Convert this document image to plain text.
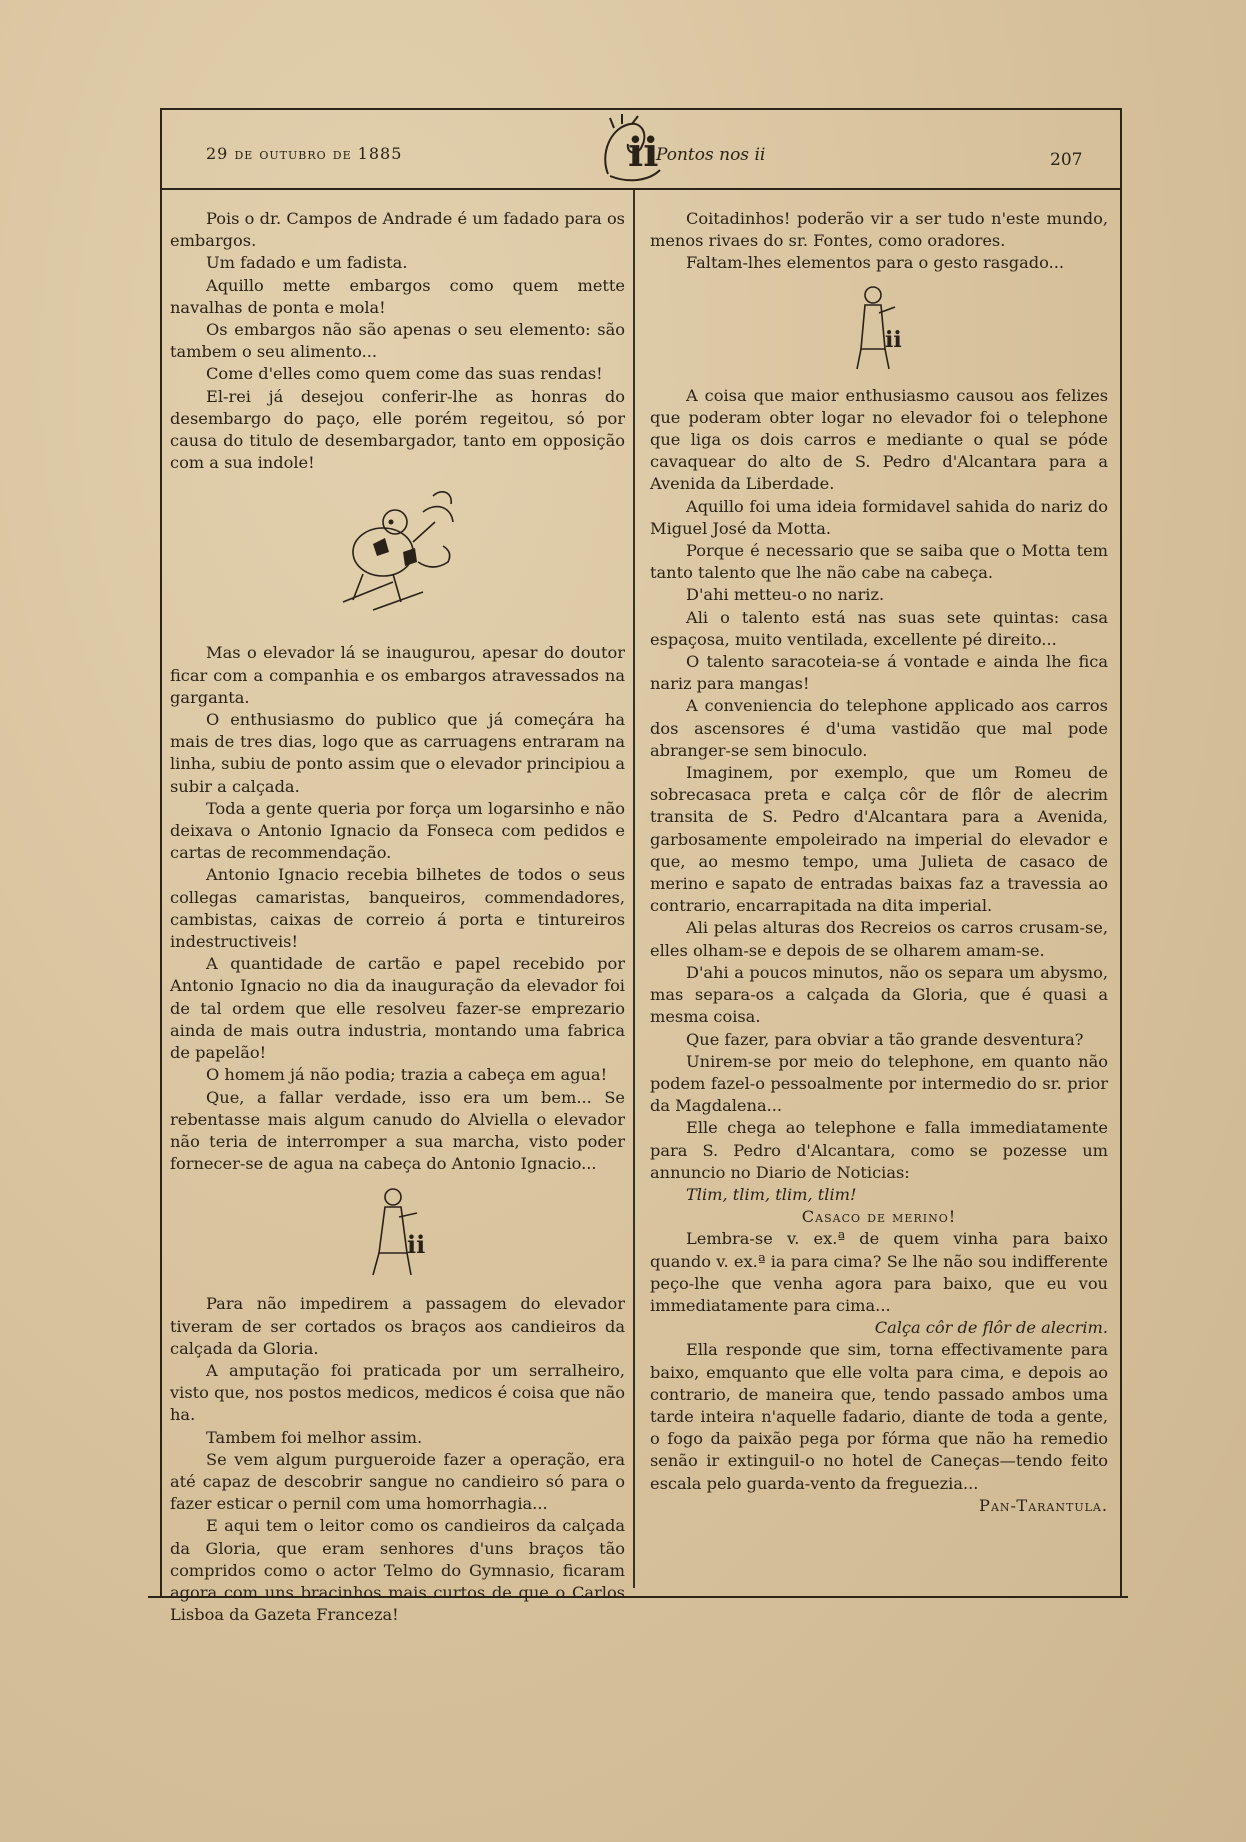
29 de outubro de 1885	ii
Pontos nos ii	207

Pois o dr. Campos de Andrade é um fadado para os embargos.

Um fadado e um fadista.

Aquillo mette embargos como quem mette navalhas de ponta e mola!

Os embargos não são apenas o seu elemento: são tambem o seu alimento...

Come d'elles como quem come das suas rendas!

El-rei já desejou conferir-lhe as honras do desembargo do paço, elle porém regeitou, só por causa do titulo de desembargador, tanto em opposição com a sua indole!

Mas o elevador lá se inaugurou, apesar do doutor ficar com a companhia e os embargos atravessados na garganta.

O enthusiasmo do publico que já começára ha mais de tres dias, logo que as carruagens entraram na linha, subiu de ponto assim que o elevador principiou a subir a calçada.

Toda a gente queria por força um logarsinho e não deixava o Antonio Ignacio da Fonseca com pedidos e cartas de recommendação.

Antonio Ignacio recebia bilhetes de todos o seus collegas camaristas, banqueiros, commendadores, cambistas, caixas de correio á porta e tintureiros indestructiveis!

A quantidade de cartão e papel recebido por Antonio Ignacio no dia da inauguração da elevador foi de tal ordem que elle resolveu fazer-se emprezario ainda de mais outra industria, montando uma fabrica de papelão!

O homem já não podia; trazia a cabeça em agua!

Que, a fallar verdade, isso era um bem... Se rebentasse mais algum canudo do Alviella o elevador não teria de interromper a sua marcha, visto poder fornecer-se de agua na cabeça do Antonio Ignacio...

ii

Para não impedirem a passagem do elevador tiveram de ser cortados os braços aos candieiros da calçada da Gloria.

A amputação foi praticada por um serralheiro, visto que, nos postos medicos, medicos é coisa que não ha.

Tambem foi melhor assim.

Se vem algum purgueroide fazer a operação, era até capaz de descobrir sangue no candieiro só para o fazer esticar o pernil com uma homorrhagia...

E aqui tem o leitor como os candieiros da calçada da Gloria, que eram senhores d'uns braços tão compridos como o actor Telmo do Gymnasio, ficaram agora com uns bracinhos mais curtos de que o Carlos Lisboa da Gazeta Franceza!

Coitadinhos! poderão vir a ser tudo n'este mundo, menos rivaes do sr. Fontes, como oradores.

Faltam-lhes elementos para o gesto rasgado...

ii

A coisa que maior enthusiasmo causou aos felizes que poderam obter logar no elevador foi o telephone que liga os dois carros e mediante o qual se póde cavaquear do alto de S. Pedro d'Alcantara para a Avenida da Liberdade.

Aquillo foi uma ideia formidavel sahida do nariz do Miguel José da Motta.

Porque é necessario que se saiba que o Motta tem tanto talento que lhe não cabe na cabeça.

D'ahi metteu-o no nariz.

Ali o talento está nas suas sete quintas: casa espaçosa, muito ventilada, excellente pé direito...

O talento saracoteia-se á vontade e ainda lhe fica nariz para mangas!

A conveniencia do telephone applicado aos carros dos ascensores é d'uma vastidão que mal pode abranger-se sem binoculo.

Imaginem, por exemplo, que um Romeu de sobrecasaca preta e calça côr de flôr de alecrim transita de S. Pedro d'Alcantara para a Avenida, garbosamente empoleirado na imperial do elevador e que, ao mesmo tempo, uma Julieta de casaco de merino e sapato de entradas baixas faz a travessia ao contrario, encarrapitada na dita imperial.

Ali pelas alturas dos Recreios os carros crusam-se, elles olham-se e depois de se olharem amam-se.

D'ahi a poucos minutos, não os separa um abysmo, mas separa-os a calçada da Gloria, que é quasi a mesma coisa.

Que fazer, para obviar a tão grande desventura?

Unirem-se por meio do telephone, em quanto não podem fazel-o pessoalmente por intermedio do sr. prior da Magdalena...

Elle chega ao telephone e falla immediatamente para S. Pedro d'Alcantara, como se pozesse um annuncio no Diario de Noticias:

Tlim, tlim, tlim, tlim!

Casaco de merino!

Lembra-se v. ex.ª de quem vinha para baixo quando v. ex.ª ia para cima? Se lhe não sou indifferente peço-lhe que venha agora para baixo, que eu vou immediatamente para cima...

Calça côr de flôr de alecrim.

Ella responde que sim, torna effectivamente para baixo, emquanto que elle volta para cima, e depois ao contrario, de maneira que, tendo passado ambos uma tarde inteira n'aquelle fadario, diante de toda a gente, o fogo da paixão pega por fórma que não ha remedio senão ir extinguil-o no hotel de Caneças—tendo feito escala pelo guarda-vento da freguezia...

Pan-Tarantula.
